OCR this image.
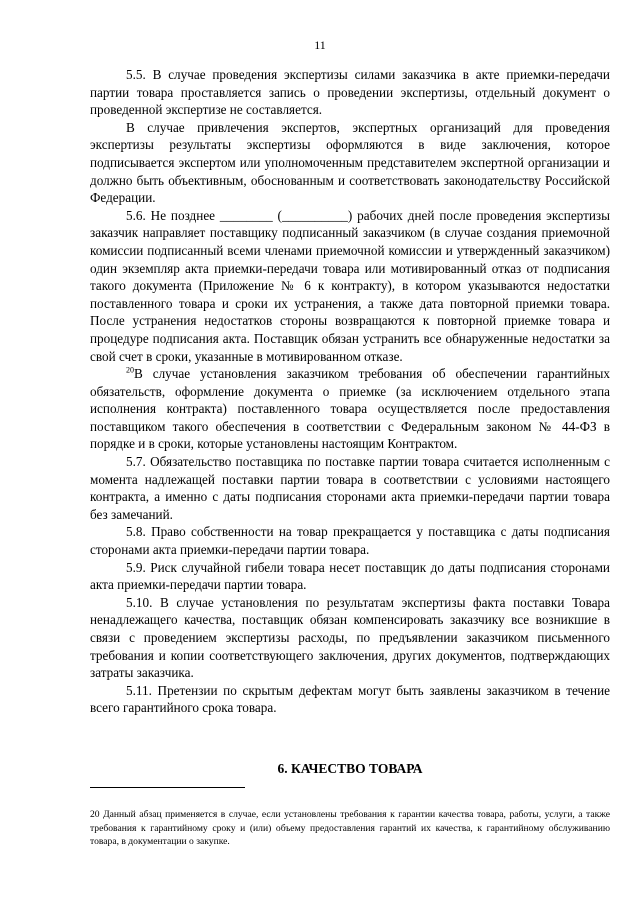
11

5.5. В случае проведения экспертизы силами заказчика в акте приемки-передачи партии товара проставляется запись о проведении экспертизы, отдельный документ о проведенной экспертизе не составляется.

В случае привлечения экспертов, экспертных организаций для проведения экспертизы результаты экспертизы оформляются в виде заключения, которое подписывается экспертом или уполномоченным представителем экспертной организации и должно быть объективным, обоснованным и соответствовать законодательству Российской Федерации.

5.6. Не позднее ________ (__________) рабочих дней после проведения экспертизы заказчик направляет поставщику подписанный заказчиком (в случае создания приемочной комиссии подписанный всеми членами приемочной комиссии и утвержденный заказчиком) один экземпляр акта приемки-передачи товара или мотивированный отказ от подписания такого документа (Приложение № 6 к контракту), в котором указываются недостатки поставленного товара и сроки их устранения, а также дата повторной приемки товара. После устранения недостатков стороны возвращаются к повторной приемке товара и процедуре подписания акта. Поставщик обязан устранить все обнаруженные недостатки за свой счет в сроки, указанные в мотивированном отказе.

$^{20}$В случае установления заказчиком требования об обеспечении гарантийных обязательств, оформление документа о приемке (за исключением отдельного этапа исполнения контракта) поставленного товара осуществляется после предоставления поставщиком такого обеспечения в соответствии с Федеральным законом № 44-ФЗ в порядке и в сроки, которые установлены настоящим Контрактом.

5.7. Обязательство поставщика по поставке партии товара считается исполненным с момента надлежащей поставки партии товара в соответствии с условиями настоящего контракта, а именно с даты подписания сторонами акта приемки-передачи партии товара без замечаний.

5.8. Право собственности на товар прекращается у поставщика с даты подписания сторонами акта приемки-передачи партии товара.

5.9. Риск случайной гибели товара несет поставщик до даты подписания сторонами акта приемки-передачи партии товара.

5.10. В случае установления по результатам экспертизы факта поставки Товара ненадлежащего качества, поставщик обязан компенсировать заказчику все возникшие в связи с проведением экспертизы расходы, по предъявлении заказчиком письменного требования и копии соответствующего заключения, других документов, подтверждающих затраты заказчика.

5.11. Претензии по скрытым дефектам могут быть заявлены заказчиком в течение всего гарантийного срока товара.

6. КАЧЕСТВО ТОВАРА
20 Данный абзац применяется в случае, если установлены требования к гарантии качества товара, работы, услуги, а также требования к гарантийному сроку и (или) объему предоставления гарантий их качества, к гарантийному обслуживанию товара, в документации о закупке.
